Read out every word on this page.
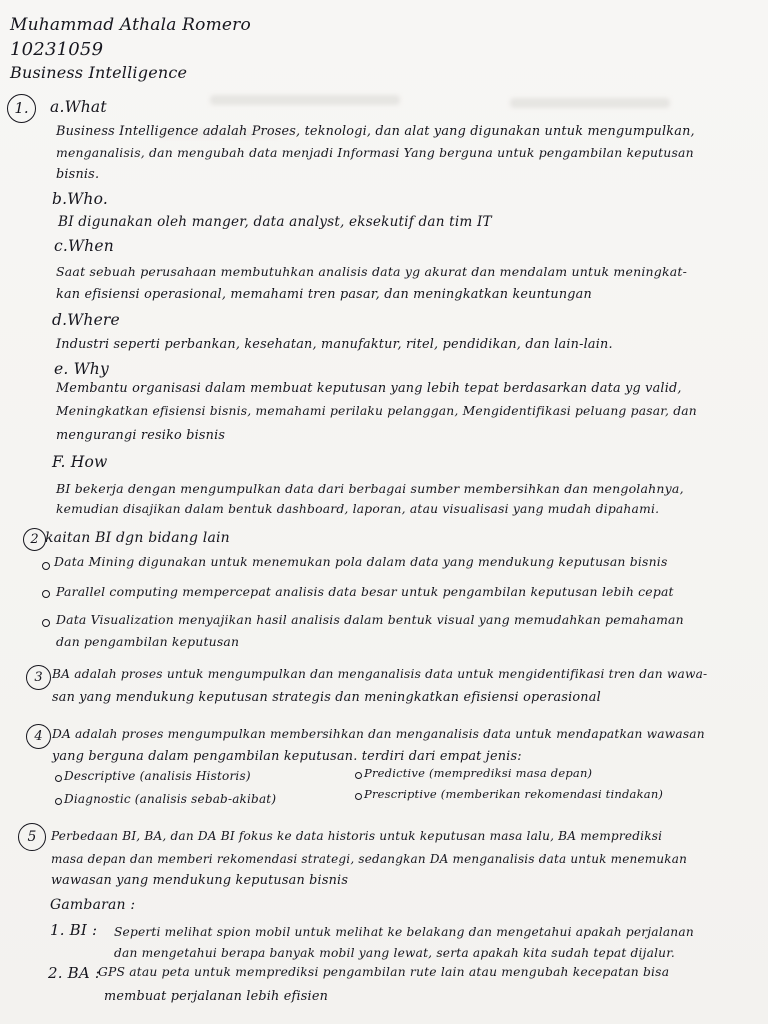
Muhammad Athala Romero
10231059
Business Intelligence
1.	a.What
Business Intelligence adalah Proses, teknologi, dan alat yang digunakan untuk mengumpulkan,
menganalisis, dan mengubah data menjadi Informasi Yang berguna untuk pengambilan keputusan
bisnis.
b.Who.
BI digunakan oleh manger, data analyst, eksekutif dan tim IT
c.When
Saat sebuah perusahaan membutuhkan analisis data yg akurat dan mendalam untuk meningkat-
kan efisiensi operasional, memahami tren pasar, dan meningkatkan keuntungan
d.Where
Industri seperti perbankan, kesehatan, manufaktur, ritel, pendidikan, dan lain-lain.
e. Why
Membantu organisasi dalam membuat keputusan yang lebih tepat berdasarkan data yg valid,
Meningkatkan efisiensi bisnis, memahami perilaku pelanggan, Mengidentifikasi peluang pasar, dan
mengurangi resiko bisnis
F. How
BI bekerja dengan mengumpulkan data dari berbagai sumber membersihkan dan mengolahnya,
kemudian disajikan dalam bentuk dashboard, laporan, atau visualisasi yang mudah dipahami.
2 kaitan BI dgn bidang lain
Data Mining digunakan untuk menemukan pola dalam data yang mendukung keputusan bisnis
Parallel computing mempercepat analisis data besar untuk pengambilan keputusan lebih cepat
Data Visualization menyajikan hasil analisis dalam bentuk visual yang memudahkan pemahaman
dan pengambilan keputusan
3 BA adalah proses untuk mengumpulkan dan menganalisis data untuk mengidentifikasi tren dan wawa-
san yang mendukung keputusan strategis dan meningkatkan efisiensi operasional
4 DA adalah proses mengumpulkan membersihkan dan menganalisis data untuk mendapatkan wawasan
yang berguna dalam pengambilan keputusan. terdiri dari empat jenis:
Descriptive (analisis Historis)
Diagnostic (analisis sebab-akibat)
Predictive (memprediksi masa depan)
Prescriptive (memberikan rekomendasi tindakan)
5	Perbedaan BI, BA, dan DA BI fokus ke data historis untuk keputusan masa lalu, BA memprediksi
masa depan dan memberi rekomendasi strategi, sedangkan DA menganalisis data untuk menemukan
wawasan yang mendukung keputusan bisnis
Gambaran :
1. BI : Seperti melihat spion mobil untuk melihat ke belakang dan mengetahui apakah perjalanan
dan mengetahui berapa banyak mobil yang lewat, serta apakah kita sudah tepat dijalur.
2. BA :
GPS atau peta untuk memprediksi pengambilan rute lain atau mengubah kecepatan bisa
membuat perjalanan lebih efisien
